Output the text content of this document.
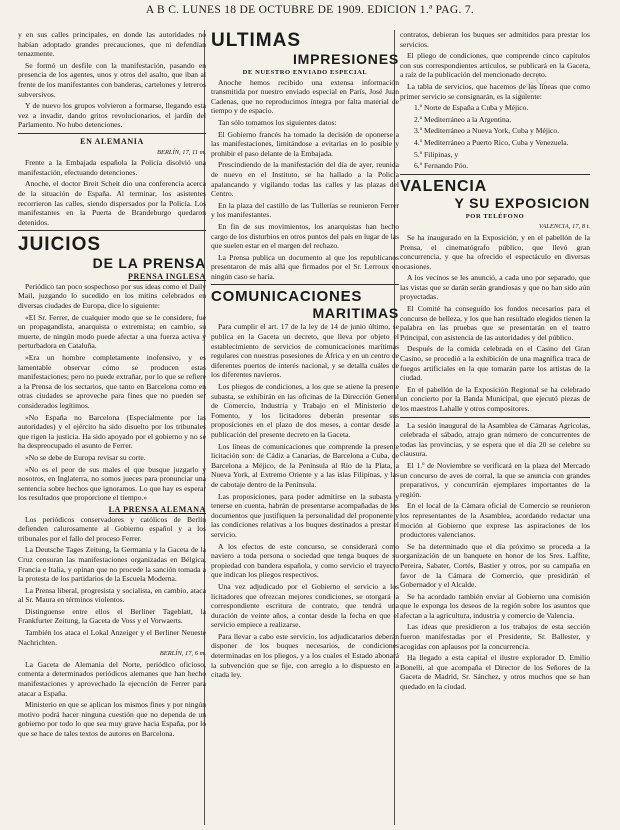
A B C. LUNES 18 DE OCTUBRE DE 1909. EDICION 1.ª PAG. 7.
ABC

y en sus calles principales, en donde las autoridades no habían adoptado grandes precauciones, que ni defendían tenazmente.

Se formó un desfile con la manifestación, pasando en presencia de los agentes, unos y otros del asalto, que iban al frente de los manifestantes con banderas, cartelones y letreros subversivos.

Y de nuevo los grupos volvieron a formarse, llegando esta vez a invadir, dando gritos revolucionarios, el jardín del Parlamento. No hubo detenciones.

EN ALEMANIA
BERLÍN, 17, 11 m.

Frente a la Embajada española la Policía disolvió una manifestación, efectuando detenciones.

Anoche, el doctor Breit Scheit dio una conferencia acerca de la situación de España. Al terminar, los asistentes recorrieron las calles, siendo dispersados por la Policía. Los manifestantes en la Puerta de Brandeburgo quedaron detenidos.

JUICIOS
DE LA PRENSA
PRENSA INGLESA

Periódico tan poco sospechoso por sus ideas como el Daily Mail, juzgando lo sucedido en los mitins celebrados en diversas ciudades de Europa, dice lo siguiente:

«El Sr. Ferrer, de cualquier modo que se le considere, fue un propagandista, anarquista o extremista; en cambio, su muerte, de ningún modo puede afectar a una fuerza activa y perturbadora en Cataluña.

»Era un hombre completamente inofensivo, y es lamentable observar cómo se producen estas manifestaciones; pero no puede extrañar, por lo que se refiere a la Prensa de los sectarios, que tanto en Barcelona como en otras ciudades se aproveche para fines que no pueden ser considerados legítimos.

»No España no Barcelona (Especialmente por las autoridades) y el ejército ha sido disuelto por los tribunales que rigen la justicia. Ha sido apoyado por el gobierno y no se ha despreocupado el asunto de Ferrer.

»No se debe de Europa revisar su corte.

»No es el peor de sus males el que busque juzgarlo y nosotros, en Inglaterra, no somos jueces para pronunciar una sentencia sobre hechos que ignoramos. Lo que hay es esperar los resultados que proporcione el tiempo.»

LA PRENSA ALEMANA

Los periódicos conservadores y católicos de Berlín defienden calurosamente al Gobierno español y a los tribunales por el fallo del proceso Ferrer.

La Deutsche Tages Zeitung, la Germania y la Gaceta de la Cruz censuran las manifestaciones organizadas en Bélgica, Francia e Italia, y opinan que no procede la sanción tomada a la protesta de los partidarios de la Escuela Moderna.

La Prensa liberal, progresista y socialista, en cambio, ataca al Sr. Maura en términos violentos.

Distinguense entre ellos el Berliner Tageblatt, la Frankfurter Zeitung, la Gaceta de Voss y el Vorwaerts.

También los ataca el Lokal Anzeiger y el Berliner Neueste Nachrichten.

BERLÍN, 17, 6 m.

La Gaceta de Alemania del Norte, periódico oficioso, comenta a determinados periódicos alemanes que han hecho manifestaciones y aprovechado la ejecución de Ferrer para atacar a España.

Ministerio en que se aplican los mismos fines y por ningún motivo podrá hacer ninguna cuestión que no dependa de un gobierno por todo lo que sea muy grave hacia España, por lo que se hace de tales textos de autores en Barcelona.

ULTIMAS
IMPRESIONES
DE NUESTRO ENVIADO ESPECIAL

Anoche hemos recibido una extensa información transmitida por nuestro enviado especial en París, José Juan Cadenas, que no reproducimos íntegra por falta material de tiempo y de espacio.

Tan sólo tomamos los siguientes datos:

El Gobierno francés ha tomado la decisión de oponerse a las manifestaciones, limitándose a evitarlas en lo posible y prohibir el paso delante de la Embajada.

Prescindiendo de la manifestación del día de ayer, reunida de nuevo en el Instituto, se ha hallado a la Policía apalancando y vigilando todas las calles y las plazas del Centro.

En la plaza del castillo de las Tullerías se reunieron Ferrer y los manifestantes.

En fin de sus movimientos, los anarquistas han hecho cargo de los disturbios en otros puntos del país en lugar de las que suelen estar en el margen del rechazo.

La Prensa publica un documento al que los republicanos presentaron de más allá que firmados por el Sr. Lerroux en ningún caso se haría.

COMUNICACIONES
MARITIMAS

Para cumplir el art. 17 de la ley de 14 de junio último, se publica en la Gaceta un decreto, que lleva por objeto el establecimiento de servicios de comunicaciones marítimas regulares con nuestras posesiones de África y en un centro de diferentes puertos de interés nacional, y se detalla cuáles de los diferentes navieros.

Los pliegos de condiciones, a los que se atiene la presente subasta, se exhibirán en las oficinas de la Dirección General de Comercio, Industria y Trabajo en el Ministerio de Fomento, y los licitadores deberán presentar sus proposiciones en el plazo de dos meses, a contar desde la publicación del presente decreto en la Gaceta.

Los líneas de comunicaciones que comprende la presente licitación son: de Cádiz a Canarias, de Barcelona a Cuba, de Barcelona a Méjico, de la Península al Río de la Plata, a Nueva York, al Extremo Oriente y a las islas Filipinas, y las de cabotaje dentro de la Península.

Las proposiciones, para poder admitirse en la subasta y tenerse en cuenta, habrán de presentarse acompañadas de los documentos que justifiquen la personalidad del proponente y las condiciones relativas a los buques destinados a prestar el servicio.

A los efectos de este concurso, se considerará como naviero a toda persona o sociedad que tenga buques de su propiedad con bandera española, y como servicio el trayecto que indican los pliegos respectivos.

Una vez adjudicado por el Gobierno el servicio a los licitadores que ofrezcan mejores condiciones, se otorgará la correspondiente escritura de contrato, que tendrá una duración de veinte años, a contar desde la fecha en que el servicio empiece a realizarse.

Para llevar a cabo este servicio, los adjudicatarios deberán disponer de los buques necesarios, de condiciones determinadas en los pliegos, y a los cuales el Estado abonará la subvención que se fije, con arreglo a lo dispuesto en la citada ley.

contratos, debieran los buques ser admitidos para prestar los servicios.

El pliego de condiciones, que comprende cinco capítulos con sus correspondientes artículos, se publicará en la Gaceta, a raíz de la publicación del mencionado decreto.

La tabla de servicios, que hacemos de las líneas que como primer servicio se consignarán, es la siguiente:

1.º Norte de España a Cuba y Méjico.

2.º Mediterráneo a la Argentina.

3.º Mediterráneo a Nueva York, Cuba y Méjico.

4.º Mediterráneo a Puerto Rico, Cuba y Venezuela.

5.º Filipinas, y

6.º Fernando Póo.

VALENCIA
Y SU EXPOSICION
POR TELÉFONO
VALENCIA, 17, 8 t.

Se ha inaugurado en la Exposición, y en el pabellón de la Prensa, el cinematógrafo público, que llevó gran concurrencia, y que ha ofrecido el espectáculo en diversas ocasiones.

A los vecinos se les anunció, a cada uno por separado, que las vistas que se darán serán grandiosas y que no han sido aún proyectadas.

El Comité ha conseguido los fondos necesarios para el concurso de belleza, y los que han resultado elegidos tienen la palabra en las pruebas que se presentarán en el teatro Principal, con asistencia de las autoridades y del público.

Después de la comida celebrada en el Casino del Gran Casino, se procedió a la exhibición de una magnífica traca de fuegos artificiales en la que tomarán parte los artistas de la ciudad.

En el pabellón de la Exposición Regional se ha celebrado un concierto por la Banda Municipal, que ejecutó piezas de los maestros Lahalle y otros compositores.

La sesión inaugural de la Asamblea de Cámaras Agrícolas, celebrada el sábado, atrajo gran número de concurrentes de todas las provincias, y se espera que el día 20 se celebre su clausura.

El 1.º de Noviembre se verificará en la plaza del Mercado un concurso de aves de corral, la que se anuncia con grandes preparativos, y concurrirán ejemplares importantes de la región.

En el local de la Cámara oficial de Comercio se reunieron los representantes de la Asamblea, acordando redactar una moción al Gobierno que exprese las aspiraciones de los productores valencianos.

Se ha determinado que el día próximo se proceda a la organización de un banquete en honor de los Sres. Laffite, Pereira, Sabater, Cortés, Bastier y otros, por su campaña en favor de la Cámara de Comercio, que presidirán el Gobernador y el Alcalde.

Se ha acordado también enviar al Gobierno una comisión que le exponga los deseos de la región sobre los asuntos que afectan a la agricultura, industria y comercio de Valencia.

Las ideas que presidieron a los trabajos de esta sección fueron manifestadas por el Presidente, Sr. Ballester, y acogidas con aplausos por la concurrencia.

Ha llegado a esta capital el ilustre explorador D. Emilio Bonelli, al que acompaña el Director de los Señores de la Gaceta de Madrid, Sr. Sánchez, y otros muchos que se han quedado en la ciudad.
